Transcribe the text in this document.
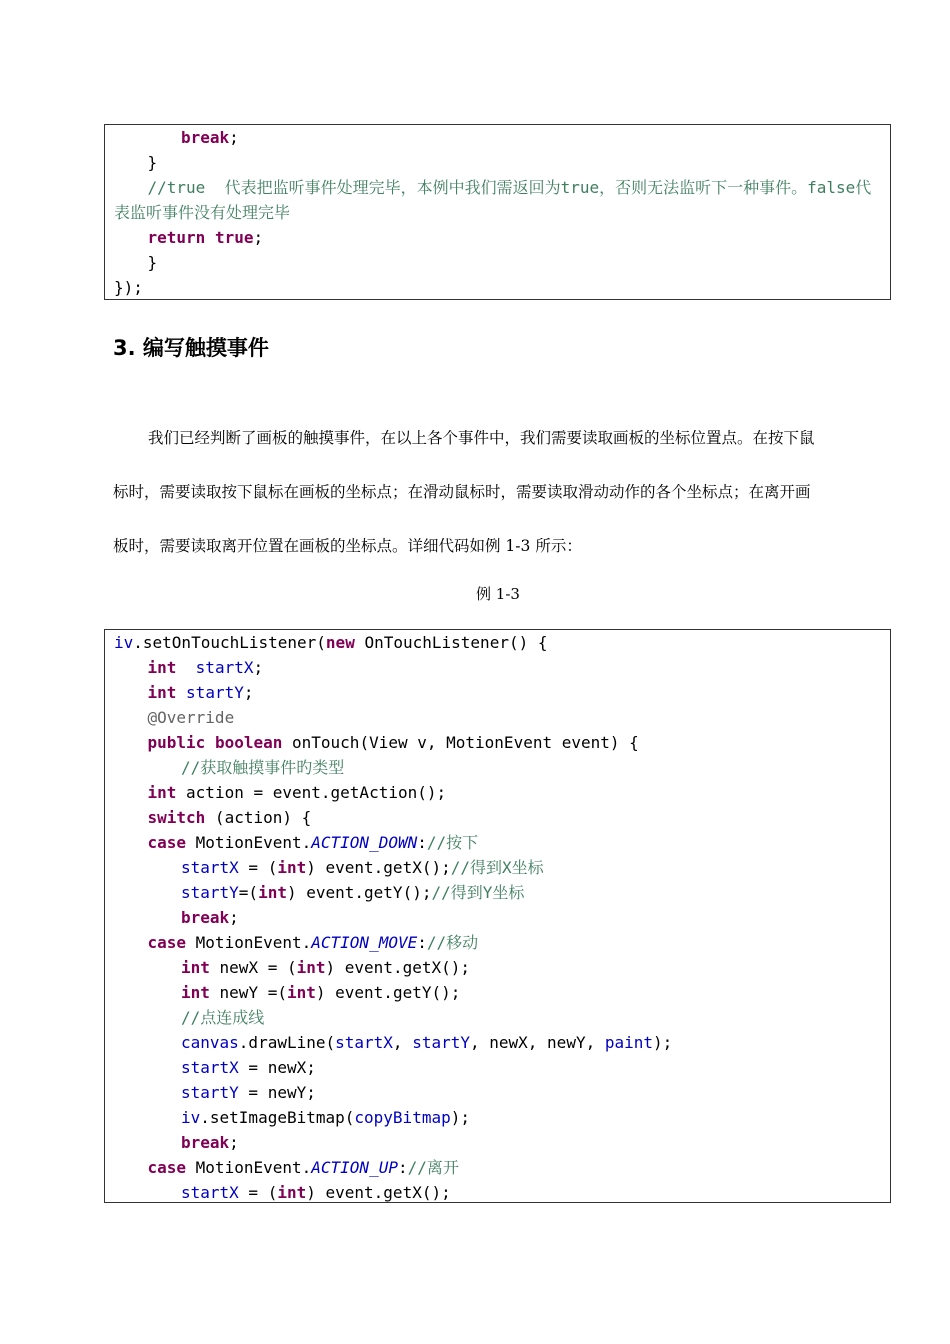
break;
}
//true  代表把监听事件处理完毕，本例中我们需返回为true，否则无法监听下一种事件。false代
表监听事件没有处理完毕
return true;
}
});
3. 编写触摸事件
我们已经判断了画板的触摸事件，在以上各个事件中，我们需要读取画板的坐标位置点。在按下鼠
标时，需要读取按下鼠标在画板的坐标点；在滑动鼠标时，需要读取滑动动作的各个坐标点；在离开画
板时，需要读取离开位置在画板的坐标点。详细代码如例 1-3 所示：
例 1-3
iv.setOnTouchListener(new OnTouchListener() {
int startX;
int startY;
@Override
public boolean onTouch(View v, MotionEvent event) {
//获取触摸事件旳类型
int action = event.getAction();
switch (action) {
case MotionEvent.ACTION_DOWN://按下
startX = (int) event.getX();//得到X坐标
startY=(int) event.getY();//得到Y坐标
break;
case MotionEvent.ACTION_MOVE://移动
int newX = (int) event.getX();
int newY =(int) event.getY();
//点连成线
canvas.drawLine(startX, startY, newX, newY, paint);
startX = newX;
startY = newY;
iv.setImageBitmap(copyBitmap);
break;
case MotionEvent.ACTION_UP://离开
startX = (int) event.getX();
